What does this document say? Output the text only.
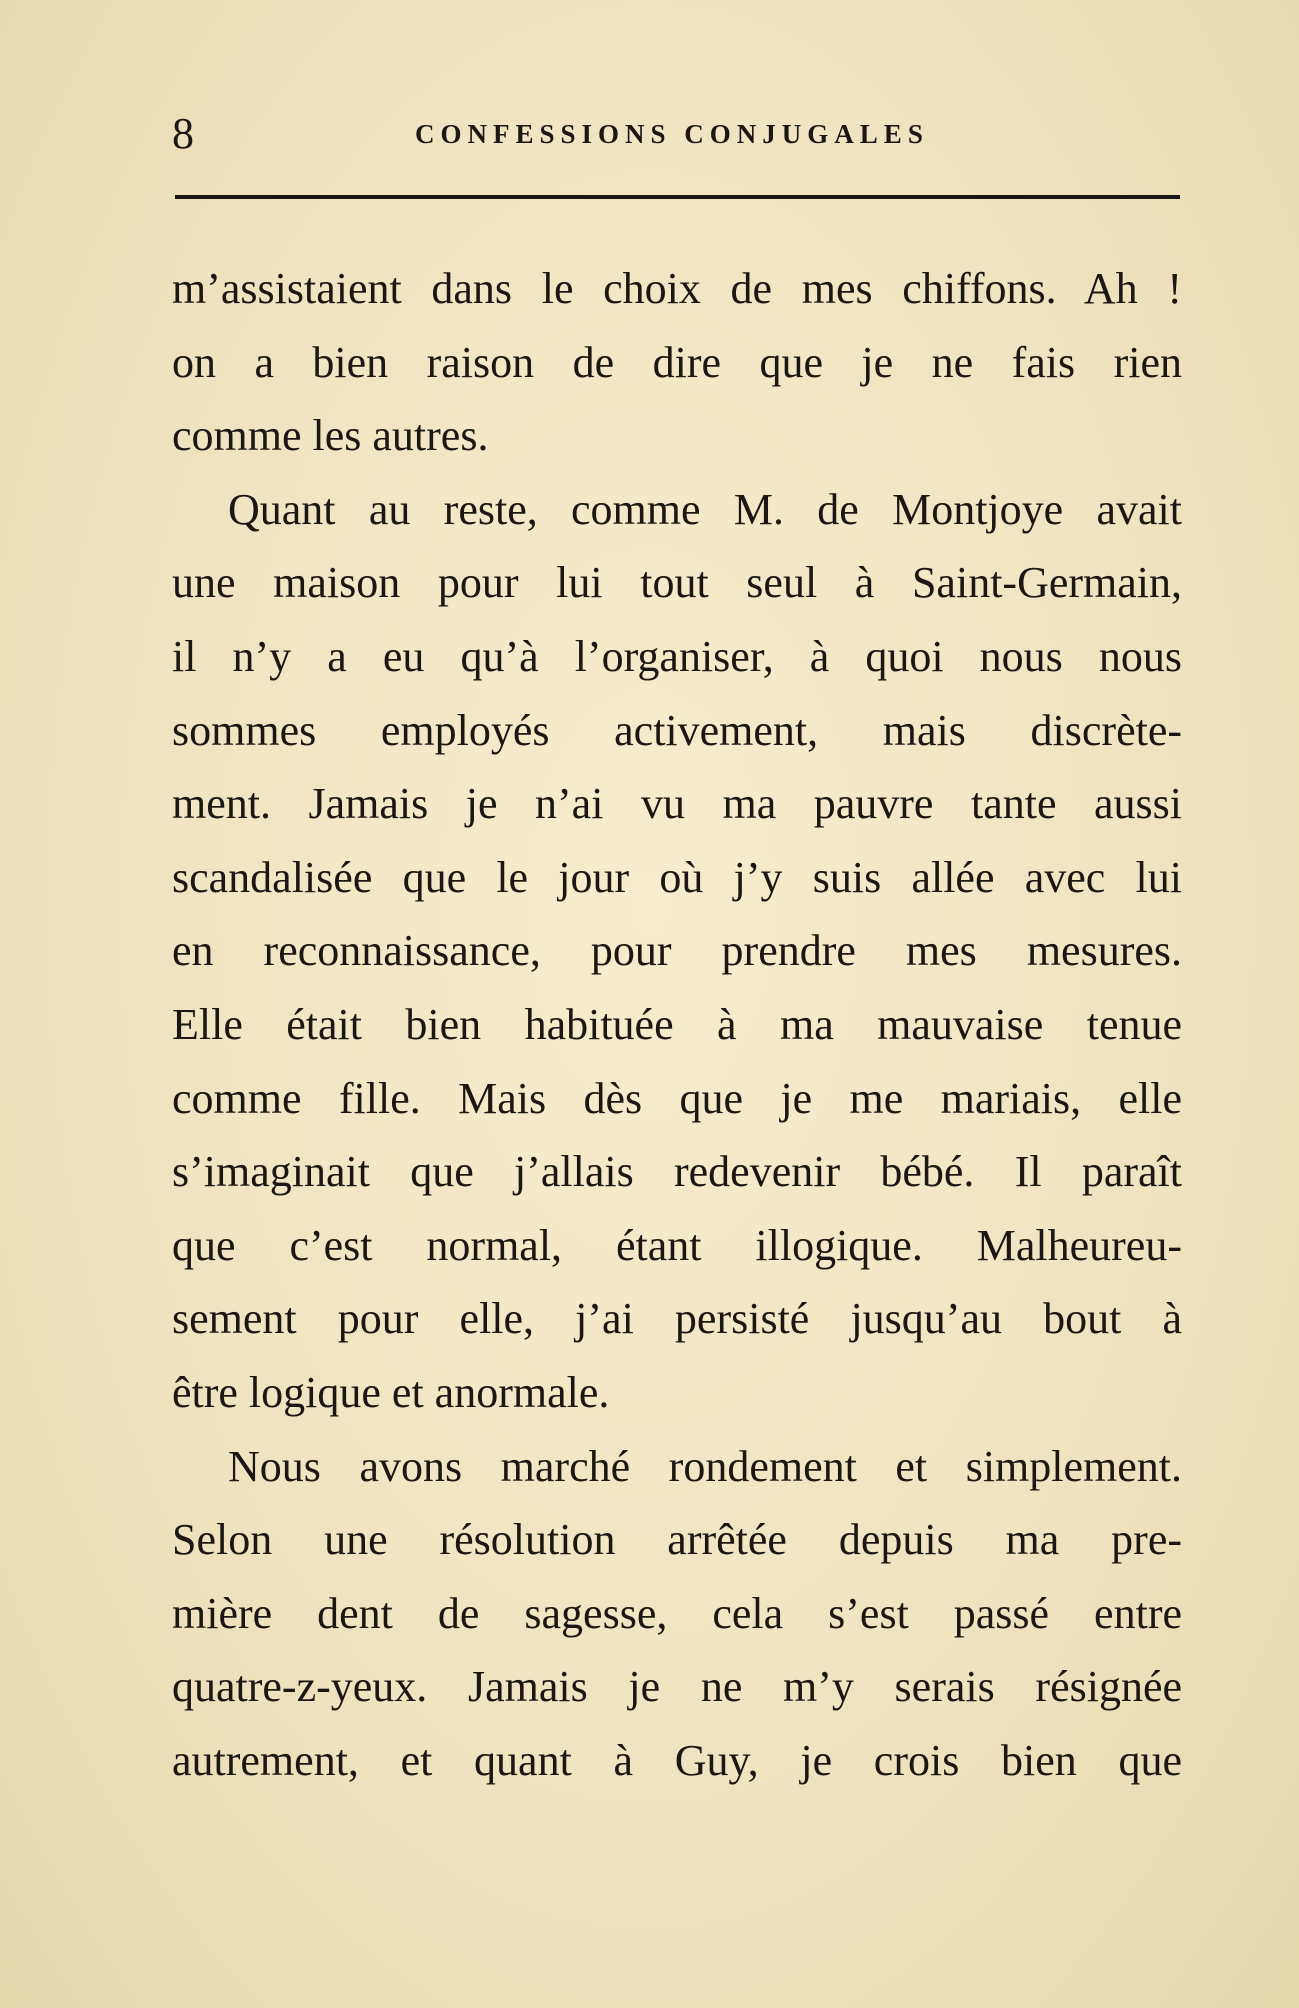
8	CONFESSIONS CONJUGALES
m’assistaient dans le choix de mes chiffons. Ah !
on a bien raison de dire que je ne fais rien
comme les autres.
Quant au reste, comme M. de Montjoye avait
une maison pour lui tout seul à Saint-Germain,
il n’y a eu qu’à l’organiser, à quoi nous nous
sommes employés activement, mais discrète-
ment. Jamais je n’ai vu ma pauvre tante aussi
scandalisée que le jour où j’y suis allée avec lui
en reconnaissance, pour prendre mes mesures.
Elle était bien habituée à ma mauvaise tenue
comme fille. Mais dès que je me mariais, elle
s’imaginait que j’allais redevenir bébé. Il paraît
que c’est normal, étant illogique. Malheureu-
sement pour elle, j’ai persisté jusqu’au bout à
être logique et anormale.
Nous avons marché rondement et simplement.
Selon une résolution arrêtée depuis ma pre-
mière dent de sagesse, cela s’est passé entre
quatre-z-yeux. Jamais je ne m’y serais résignée
autrement, et quant à Guy, je crois bien que
